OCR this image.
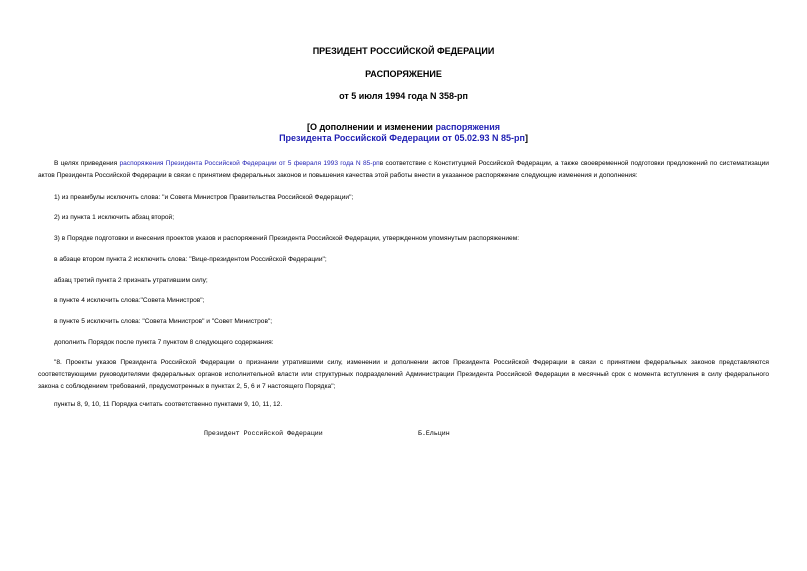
ПРЕЗИДЕНТ РОССИЙСКОЙ ФЕДЕРАЦИИ
РАСПОРЯЖЕНИЕ
от 5 июля 1994 года N 358-рп
[О дополнении и изменении распоряжения
Президента Российской Федерации от 05.02.93 N 85-рп]
В целях приведения распоряжения Президента Российской Федерации от 5 февраля 1993 года N 85-рпв соответствие с Конституцией Российской Федерации, а также своевременной подготовки предложений по систематизации актов Президента Российской Федерации в связи с принятием федеральных законов и повышения качества этой работы внести в указанное распоряжение следующие изменения и дополнения:
1) из преамбулы исключить слова: "и Совета Министров Правительства Российской Федерации";
2) из пункта 1 исключить абзац второй;
3) в Порядке подготовки и внесения проектов указов и распоряжений Президента Российской Федерации, утвержденном упомянутым распоряжением:
в абзаце втором пункта 2 исключить слова: "Вице-президентом Российской Федерации";
абзац третий пункта 2 признать утратившим силу;
в пункте 4 исключить слова:"Совета Министров";
в пункте 5 исключить слова: "Совета Министров" и "Совет Министров";
дополнить Порядок после пункта 7 пунктом 8 следующего содержания:
"8. Проекты указов Президента Российской Федерации о признании утратившими силу, изменении и дополнении актов Президента Российской Федерации в связи с принятием федеральных законов представляются соответствующими руководителями федеральных органов исполнительной власти или структурных подразделений Администрации Президента Российской Федерации в месячный срок с момента вступления в силу федерального закона с соблюдением требований, предусмотренных в пунктах 2, 5, 6 и 7 настоящего Порядка";
пункты 8, 9, 10, 11 Порядка считать соответственно пунктами 9, 10, 11, 12.
Президент Российской Федерации	Б.Ельцин
